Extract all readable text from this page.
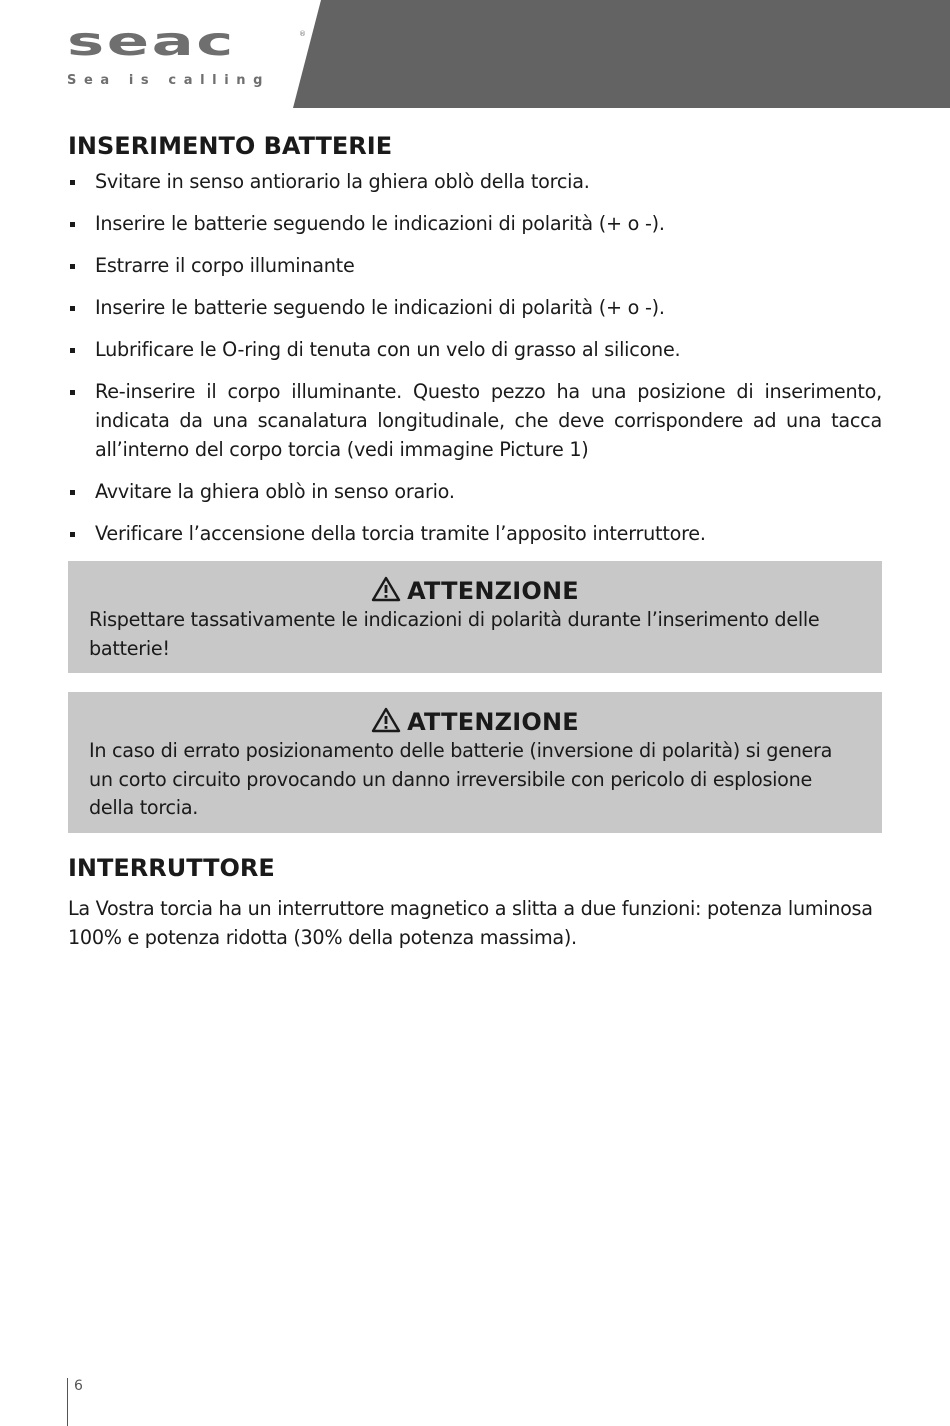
seac	®
Sea is calling
INSERIMENTO BATTERIE
Svitare in senso antiorario la ghiera oblò della torcia.
Inserire le batterie seguendo le indicazioni di polarità (+ o -).
Estrarre il corpo illuminante
Inserire le batterie seguendo le indicazioni di polarità (+ o -).
Lubrificare le O-ring di tenuta con un velo di grasso al silicone.
Re-inserire il corpo illuminante. Questo pezzo ha una posizione di inserimento, indicata da una scanalatura longitudinale, che deve corrispondere ad una tacca all’interno del corpo torcia (vedi immagine Picture 1)
Avvitare la ghiera oblò in senso orario.
Verificare l’accensione della torcia tramite l’apposito interruttore.
ATTENZIONE
Rispettare tassativamente le indicazioni di polarità durante l’inserimento delle batterie!
ATTENZIONE
In caso di errato posizionamento delle batterie (inversione di polarità) si genera un corto circuito provocando un danno irreversibile con pericolo di esplosione della torcia.
INTERRUTTORE
La Vostra torcia ha un interruttore magnetico a slitta a due funzioni: potenza luminosa 100% e potenza ridotta (30% della potenza massima).
6
